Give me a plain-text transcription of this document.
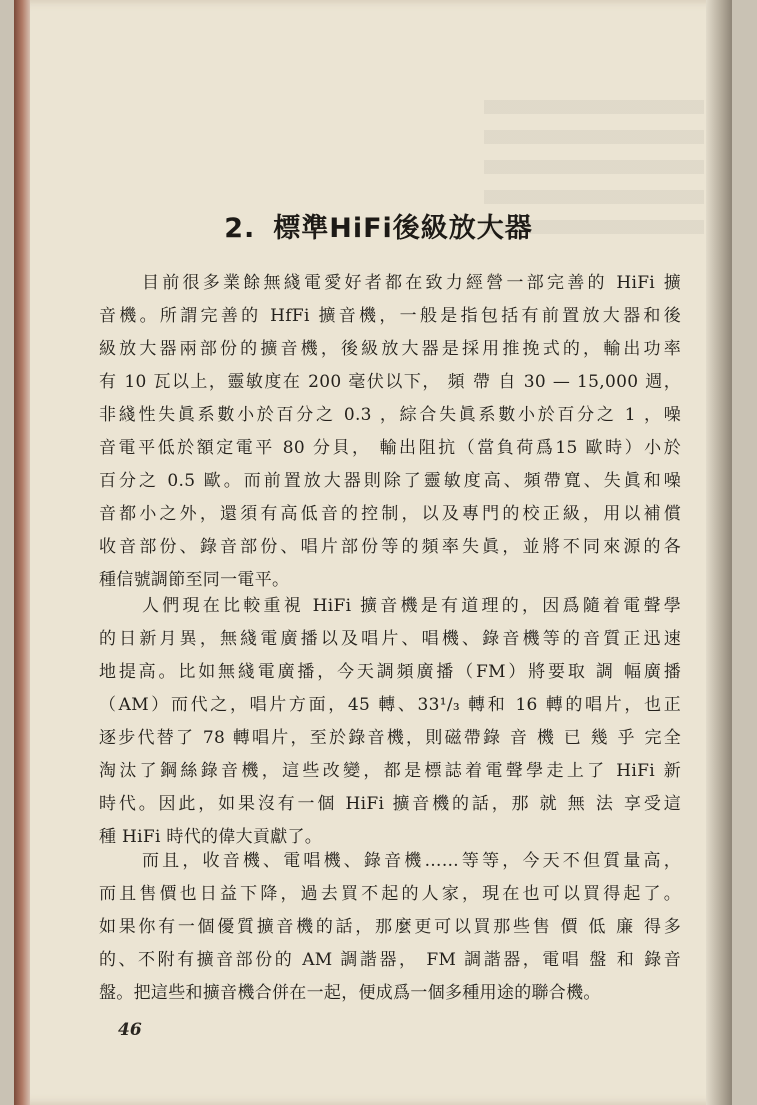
2. 標準HiFi後級放大器
目前很多業餘無綫電愛好者都在致力經營一部完善的 HiFi 擴
音機。所謂完善的 HfFi 擴音機，一般是指包括有前置放大器和後
級放大器兩部份的擴音機，後級放大器是採用推挽式的，輸出功率
有 10 瓦以上，靈敏度在 200 毫伏以下， 頻 帶 自 30 — 15,000 週，
非綫性失眞系數小於百分之 0.3 ，綜合失眞系數小於百分之 1 ，噪
音電平低於額定電平 80 分貝， 輸出阻抗（當負荷爲15 歐時）小於
百分之 0.5 歐。而前置放大器則除了靈敏度高、頻帶寬、失眞和噪
音都小之外，還須有高低音的控制，以及專門的校正級，用以補償
收音部份、錄音部份、唱片部份等的頻率失眞，並將不同來源的各
種信號調節至同一電平。
人們現在比較重視 HiFi 擴音機是有道理的，因爲隨着電聲學
的日新月異，無綫電廣播以及唱片、唱機、錄音機等的音質正迅速
地提高。比如無綫電廣播，今天調頻廣播（FM）將要取 調 幅廣播
（AM）而代之，唱片方面，45 轉、33¹/₃ 轉和 16 轉的唱片，也正
逐步代替了 78 轉唱片，至於錄音機，則磁帶錄 音 機 已 幾 乎 完全
淘汰了鋼絲錄音機，這些改變，都是標誌着電聲學走上了 HiFi 新
時代。因此，如果沒有一個 HiFi 擴音機的話，那 就 無 法 享受這
種 HiFi 時代的偉大貢獻了。
而且，收音機、電唱機、錄音機……等等，今天不但質量高，
而且售價也日益下降，過去買不起的人家，現在也可以買得起了。
如果你有一個優質擴音機的話，那麼更可以買那些售 價 低 廉 得多
的、不附有擴音部份的 AM 調諧器， FM 調諧器，電唱 盤 和 錄音
盤。把這些和擴音機合併在一起，便成爲一個多種用途的聯合機。
46
